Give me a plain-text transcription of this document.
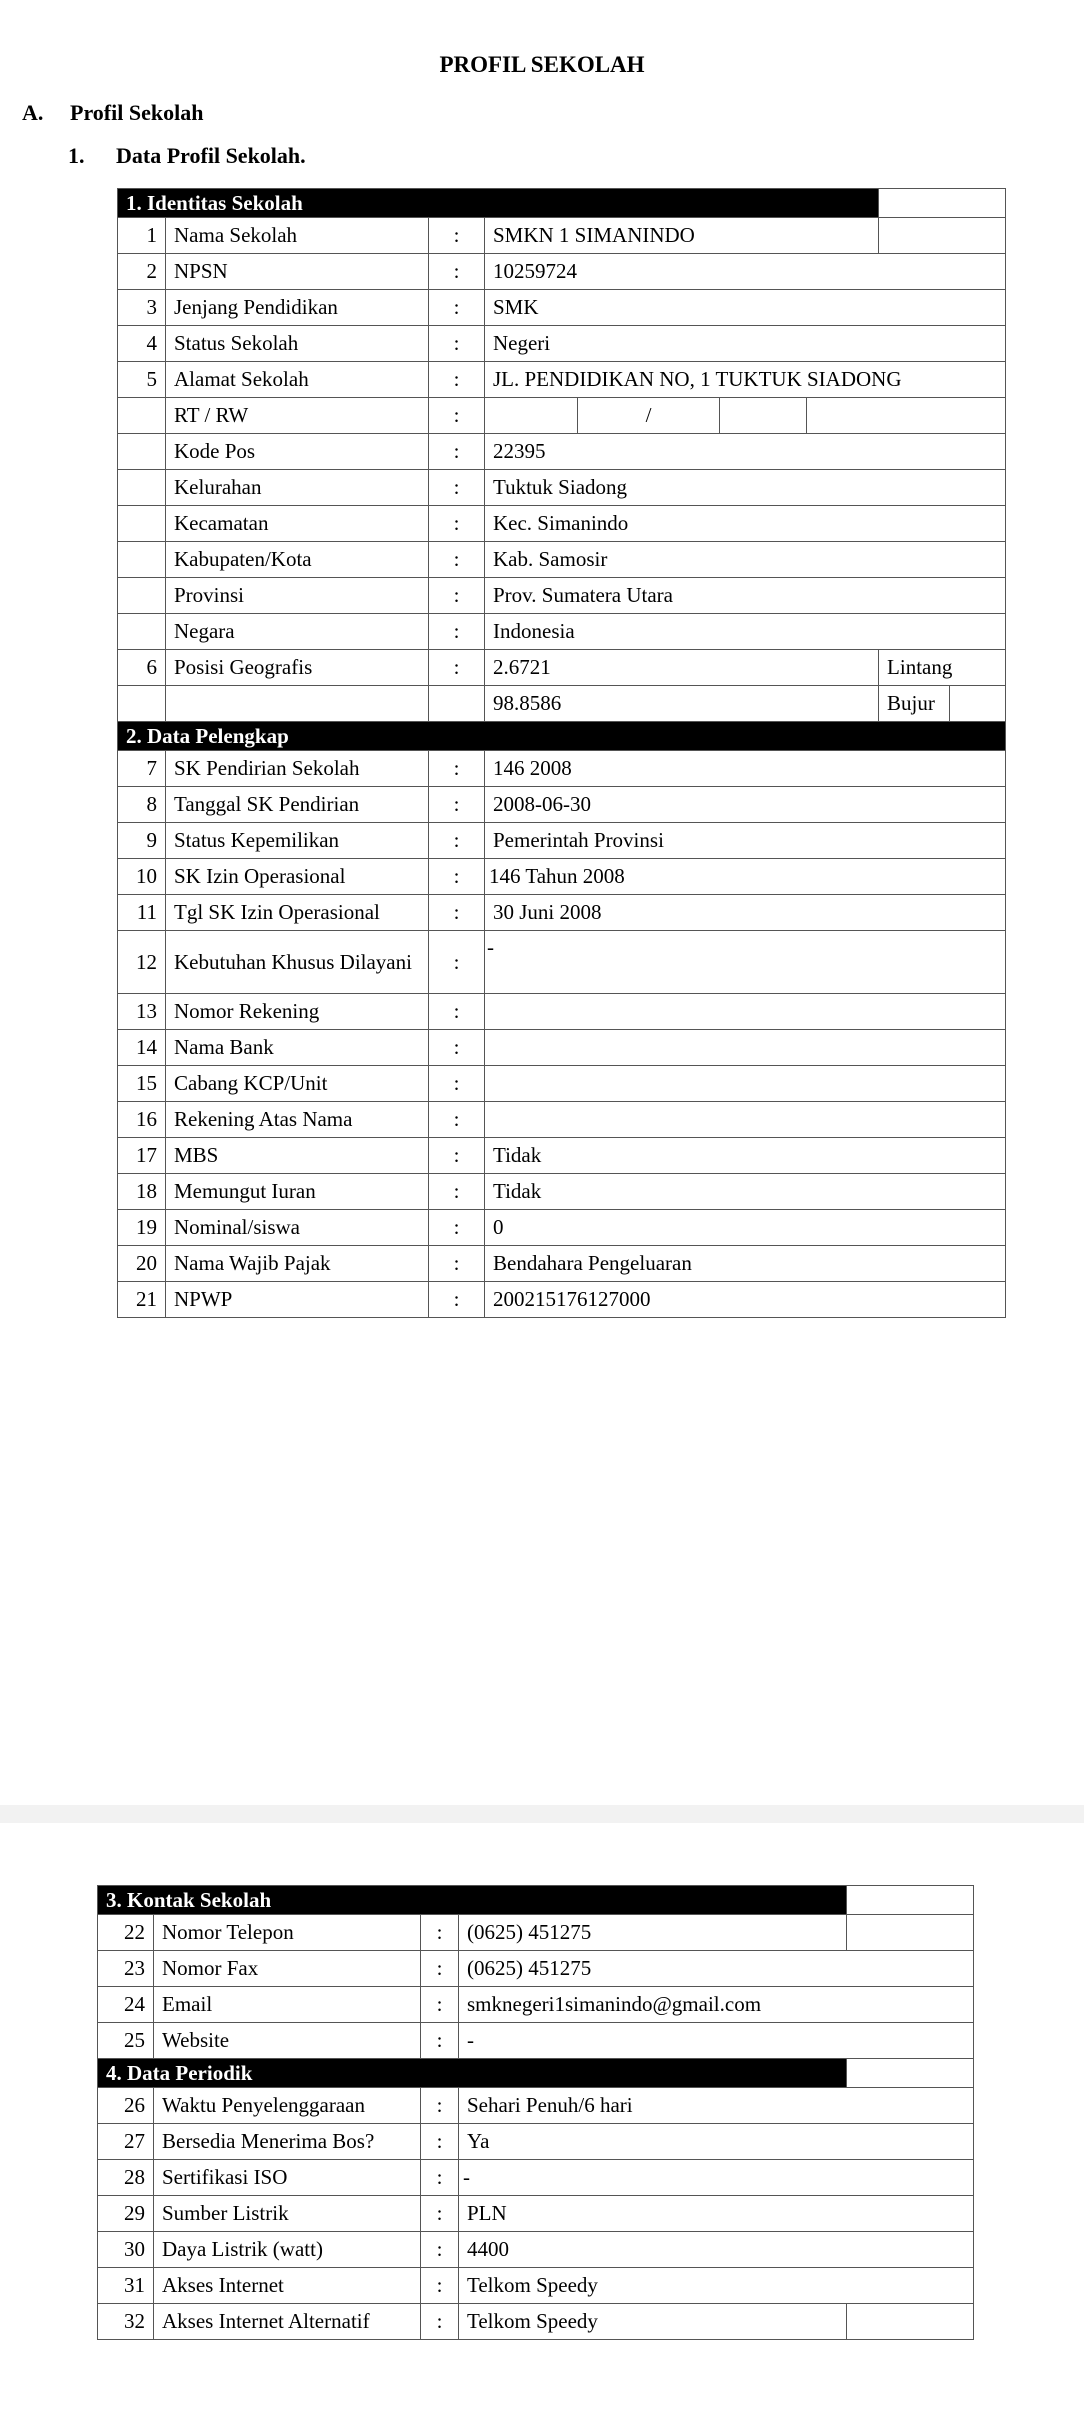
PROFIL SEKOLAH
A. Profil Sekolah
1. Data Profil Sekolah.
1. Identitas Sekolah				
1	Nama Sekolah	:	SMKN 1 SIMANINDO	
2	NPSN	:	10259724	
3	Jenjang Pendidikan	:	SMK	
4	Status Sekolah	:	Negeri	
5	Alamat Sekolah	:	JL. PENDIDIKAN NO, 1 TUKTUK SIADONG	
	RT / RW	:	/	

	Kode Pos	:	22395	
	Kelurahan	:	Tuktuk Siadong	
	Kecamatan	:	Kec. Simanindo	
	Kabupaten/Kota	:	Kab. Samosir	
	Provinsi	:	Prov. Sumatera Utara	
	Negara	:	Indonesia	
6	Posisi Geografis	:	2.6721	Lintang
			98.8586	Bujur

2. Data Pelengkap				
7	SK Pendirian Sekolah	:	146 2008	
8	Tanggal SK Pendirian	:	2008-06-30	
9	Status Kepemilikan	:	Pemerintah Provinsi	
10	SK Izin Operasional	:	146 Tahun 2008	
11	Tgl SK Izin Operasional	:	30 Juni 2008	
12	Kebutuhan Khusus Dilayani	:	-	
13	Nomor Rekening	:		
14	Nama Bank	:		
15	Cabang KCP/Unit	:		
16	Rekening Atas Nama	:		
17	MBS	:	Tidak	
18	Memungut Iuran	:	Tidak	
19	Nominal/siswa	:	0	
20	Nama Wajib Pajak	:	Bendahara Pengeluaran	
21	NPWP	:	200215176127000	
3. Kontak Sekolah				
22	Nomor Telepon	:	(0625) 451275	
23	Nomor Fax	:	(0625) 451275	
24	Email	:	smknegeri1simanindo@gmail.com	
25	Website	:	-	
4. Data Periodik				
26	Waktu Penyelenggaraan	:	Sehari Penuh/6 hari	
27	Bersedia Menerima Bos?	:	Ya	
28	Sertifikasi ISO	:	-	
29	Sumber Listrik	:	PLN	
30	Daya Listrik (watt)	:	4400	
31	Akses Internet	:	Telkom Speedy	
32	Akses Internet Alternatif	:	Telkom Speedy	
